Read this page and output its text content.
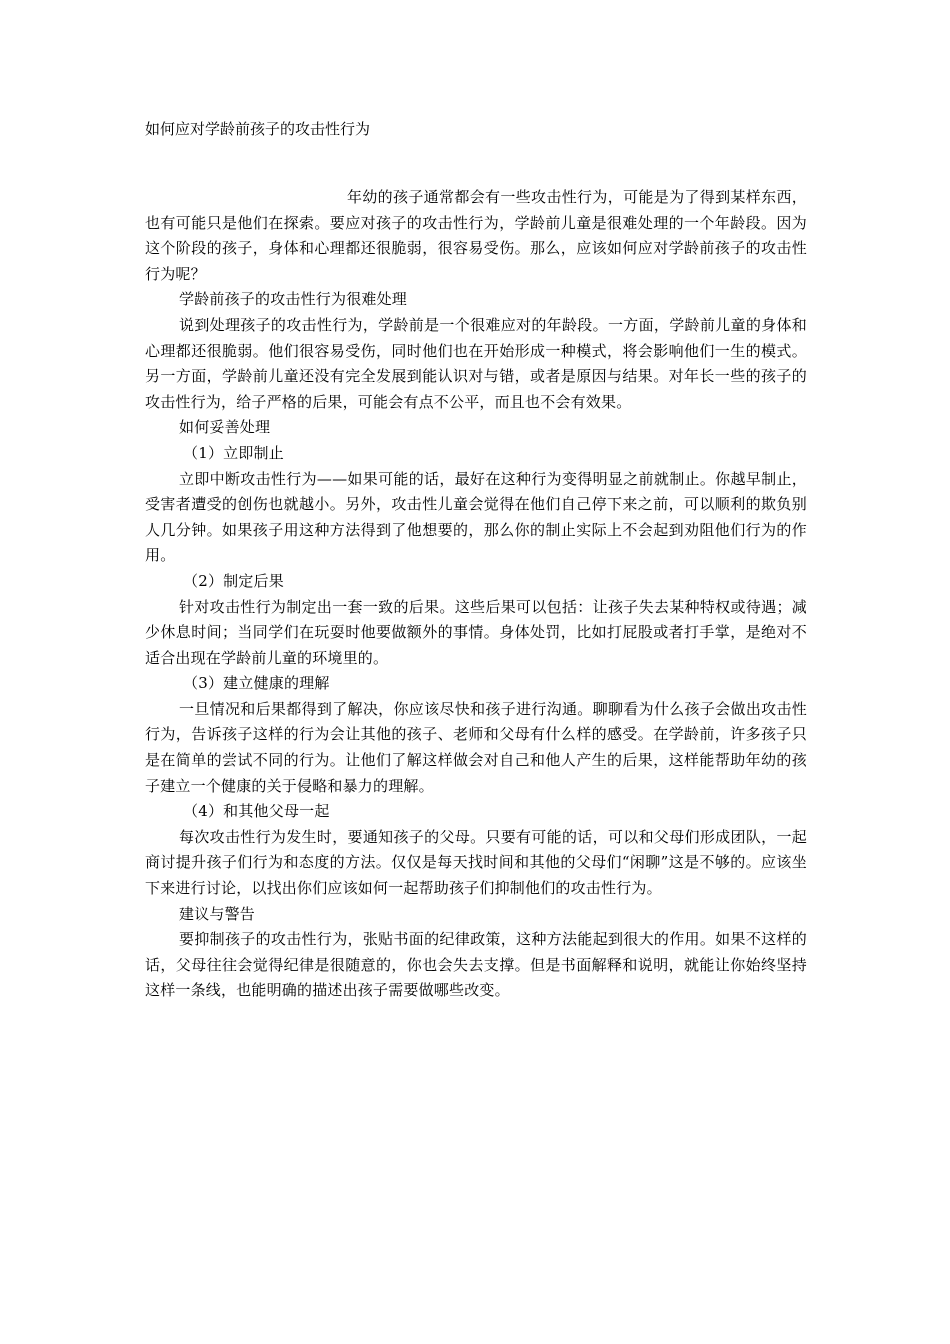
如何应对学龄前孩子的攻击性行为

年幼的孩子通常都会有一些攻击性行为，可能是为了得到某样东西，也有可能只是他们在探索。要应对孩子的攻击性行为，学龄前儿童是很难处理的一个年龄段。因为这个阶段的孩子，身体和心理都还很脆弱，很容易受伤。那么，应该如何应对学龄前孩子的攻击性行为呢？

学龄前孩子的攻击性行为很难处理

说到处理孩子的攻击性行为，学龄前是一个很难应对的年龄段。一方面，学龄前儿童的身体和心理都还很脆弱。他们很容易受伤，同时他们也在开始形成一种模式，将会影响他们一生的模式。另一方面，学龄前儿童还没有完全发展到能认识对与错，或者是原因与结果。对年长一些的孩子的攻击性行为，给子严格的后果，可能会有点不公平，而且也不会有效果。

如何妥善处理

（1）立即制止

立即中断攻击性行为——如果可能的话，最好在这种行为变得明显之前就制止。你越早制止，受害者遭受的创伤也就越小。另外，攻击性儿童会觉得在他们自己停下来之前，可以顺利的欺负别人几分钟。如果孩子用这种方法得到了他想要的，那么你的制止实际上不会起到劝阻他们行为的作用。

（2）制定后果

针对攻击性行为制定出一套一致的后果。这些后果可以包括：让孩子失去某种特权或待遇；减少休息时间；当同学们在玩耍时他要做额外的事情。身体处罚，比如打屁股或者打手掌，是绝对不适合出现在学龄前儿童的环境里的。

（3）建立健康的理解

一旦情况和后果都得到了解决，你应该尽快和孩子进行沟通。聊聊看为什么孩子会做出攻击性行为，告诉孩子这样的行为会让其他的孩子、老师和父母有什么样的感受。在学龄前，许多孩子只是在简单的尝试不同的行为。让他们了解这样做会对自己和他人产生的后果，这样能帮助年幼的孩子建立一个健康的关于侵略和暴力的理解。

（4）和其他父母一起

每次攻击性行为发生时，要通知孩子的父母。只要有可能的话，可以和父母们形成团队，一起商讨提升孩子们行为和态度的方法。仅仅是每天找时间和其他的父母们“闲聊”这是不够的。应该坐下来进行讨论，以找出你们应该如何一起帮助孩子们抑制他们的攻击性行为。

建议与警告

要抑制孩子的攻击性行为，张贴书面的纪律政策，这种方法能起到很大的作用。如果不这样的话，父母往往会觉得纪律是很随意的，你也会失去支撑。但是书面解释和说明，就能让你始终坚持这样一条线，也能明确的描述出孩子需要做哪些改变。
